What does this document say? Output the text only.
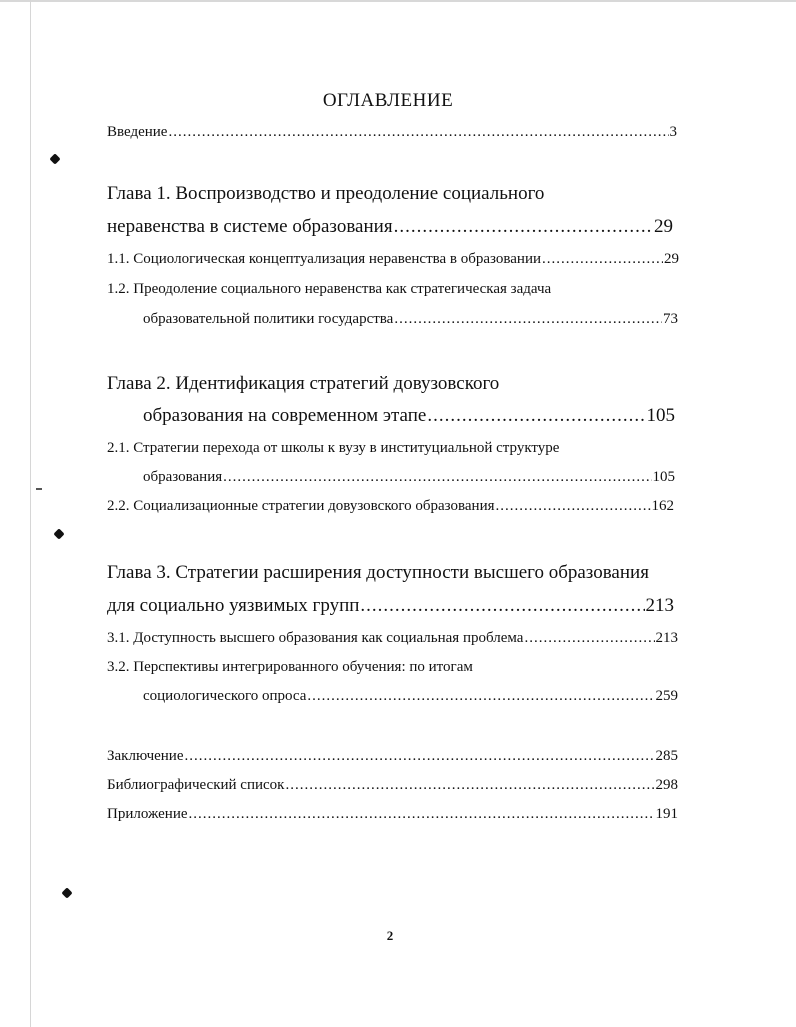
ОГЛАВЛЕНИЕ
Введение .....	3
Глава 1. Воспроизводство и преодоление социального
неравенства в системе образования .....	29
1.1. Социологическая концептуализация неравенства в образовании .....	29
1.2. Преодоление социального неравенства как стратегическая задача
образовательной политики государства .....	73
Глава 2. Идентификация стратегий довузовского
образования на современном этапе .....	105
2.1. Стратегии перехода от школы к вузу в институциальной структуре
образования .....	105
2.2. Социализационные стратегии довузовского образования .....	162
Глава 3. Стратегии расширения доступности высшего образования
для социально уязвимых групп .....	213
3.1. Доступность высшего образования как социальная проблема .....	213
3.2. Перспективы интегрированного обучения: по итогам
социологического опроса .....	259
Заключение .....	285
Библиографический список .....	298
Приложение .....	191
2
